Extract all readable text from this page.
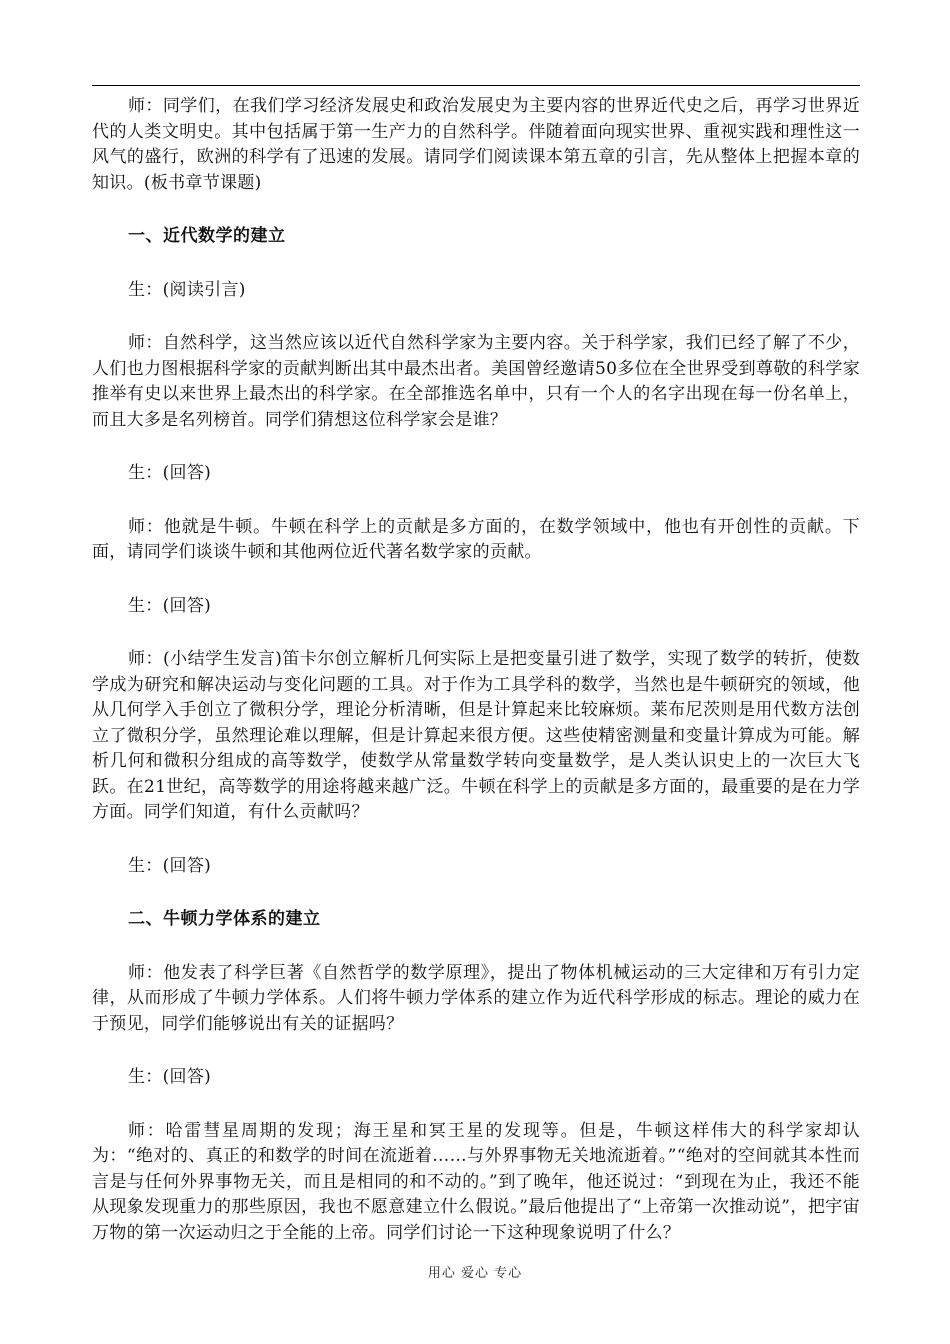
师：同学们，在我们学习经济发展史和政治发展史为主要内容的世界近代史之后，再学习世界近代的人类文明史。其中包括属于第一生产力的自然科学。伴随着面向现实世界、重视实践和理性这一风气的盛行，欧洲的科学有了迅速的发展。请同学们阅读课本第五章的引言，先从整体上把握本章的知识。(板书章节课题)

一、近代数学的建立

生：(阅读引言)

师：自然科学，这当然应该以近代自然科学家为主要内容。关于科学家，我们已经了解了不少，人们也力图根据科学家的贡献判断出其中最杰出者。美国曾经邀请50多位在全世界受到尊敬的科学家推举有史以来世界上最杰出的科学家。在全部推选名单中，只有一个人的名字出现在每一份名单上，而且大多是名列榜首。同学们猜想这位科学家会是谁？

生：(回答)

师：他就是牛顿。牛顿在科学上的贡献是多方面的，在数学领域中，他也有开创性的贡献。下面，请同学们谈谈牛顿和其他两位近代著名数学家的贡献。

生：(回答)

师：(小结学生发言)笛卡尔创立解析几何实际上是把变量引进了数学，实现了数学的转折，使数学成为研究和解决运动与变化问题的工具。对于作为工具学科的数学，当然也是牛顿研究的领域，他从几何学入手创立了微积分学，理论分析清晰，但是计算起来比较麻烦。莱布尼茨则是用代数方法创立了微积分学，虽然理论难以理解，但是计算起来很方便。这些使精密测量和变量计算成为可能。解析几何和微积分组成的高等数学，使数学从常量数学转向变量数学，是人类认识史上的一次巨大飞跃。在21世纪，高等数学的用途将越来越广泛。牛顿在科学上的贡献是多方面的，最重要的是在力学方面。同学们知道，有什么贡献吗？

生：(回答)

二、牛顿力学体系的建立

师：他发表了科学巨著《自然哲学的数学原理》，提出了物体机械运动的三大定律和万有引力定律，从而形成了牛顿力学体系。人们将牛顿力学体系的建立作为近代科学形成的标志。理论的威力在于预见，同学们能够说出有关的证据吗？

生：(回答)

师：哈雷彗星周期的发现；海王星和冥王星的发现等。但是，牛顿这样伟大的科学家却认为：“绝对的、真正的和数学的时间在流逝着……与外界事物无关地流逝着。”“绝对的空间就其本性而言是与任何外界事物无关，而且是相同的和不动的。”到了晚年，他还说过：“到现在为止，我还不能从现象发现重力的那些原因，我也不愿意建立什么假说。”最后他提出了“上帝第一次推动说”，把宇宙万物的第一次运动归之于全能的上帝。同学们讨论一下这种现象说明了什么？

用心 爱心 专心
